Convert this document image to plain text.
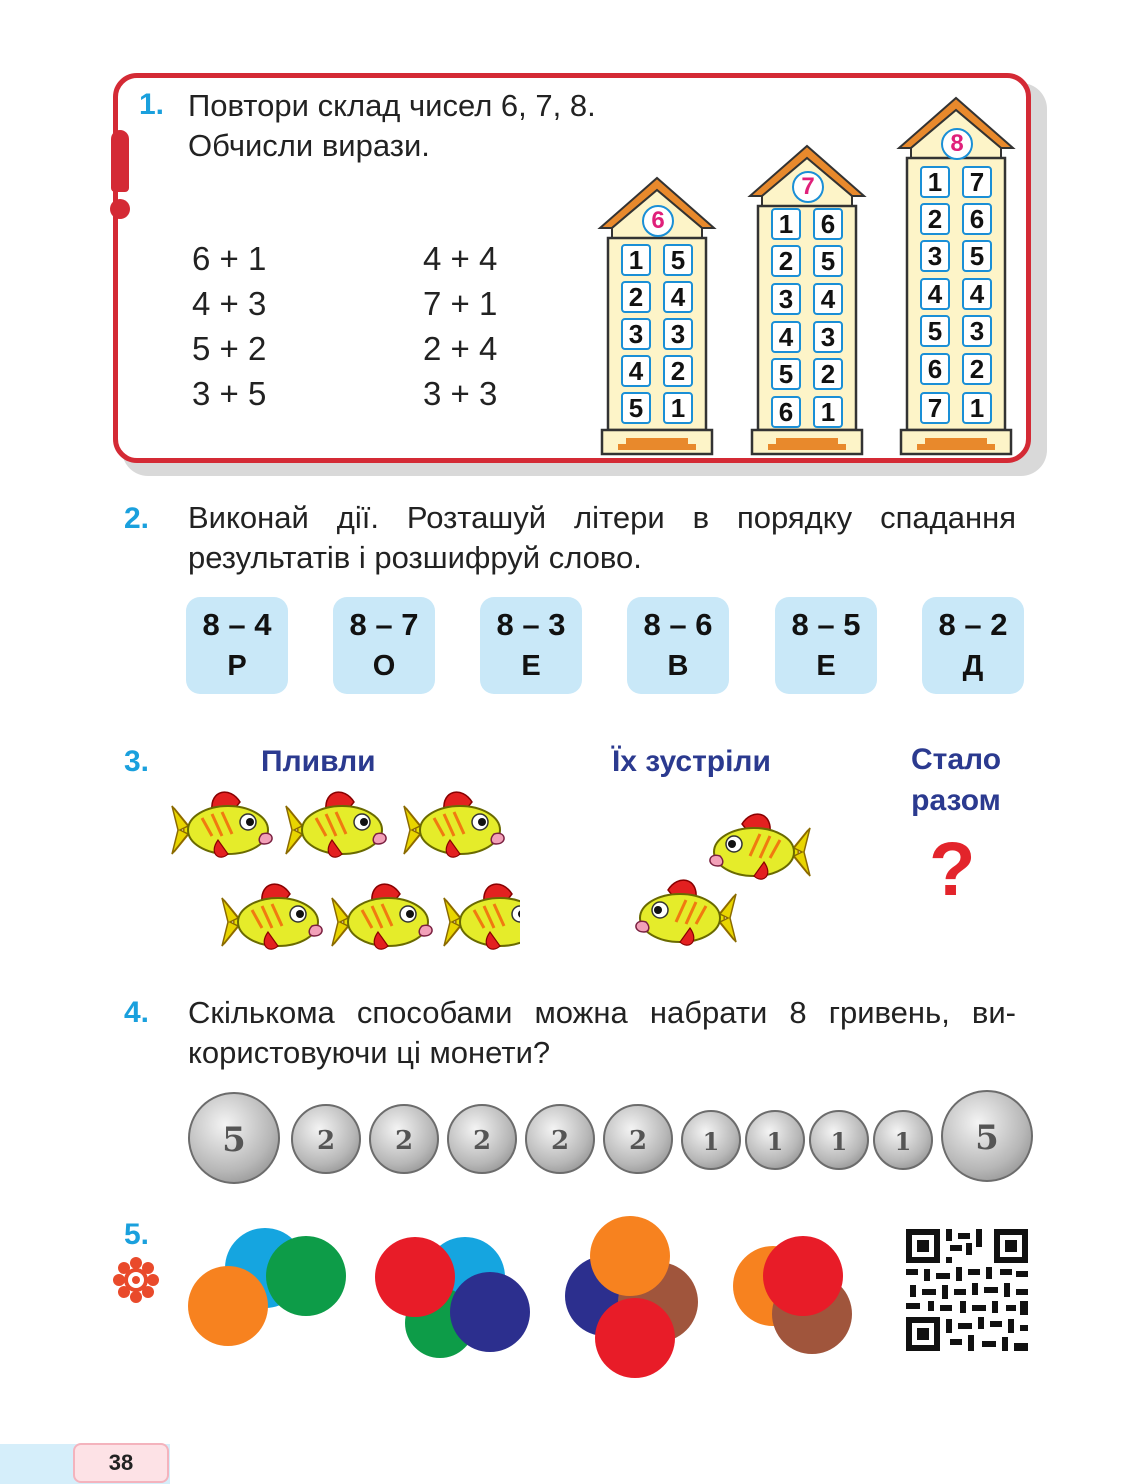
1. Повтори склад чисел 6, 7, 8.
Обчисли вирази.
6 + 1
4 + 3
5 + 2
3 + 5
4 + 4
7 + 1
2 + 4
3 + 3
6
1 5
2 4
3 3
4 2
5 1
7
1 6
2 5
3 4
4 3
5 2
6 1
8
1 7
2 6
3 5
4 4
5 3
6 2
7 1
2. Виконай дії. Розташуй літери в порядку спадання
результатів і розшифруй слово.
8 – 4
Р
8 – 7
О
8 – 3
Е
8 – 6
В
8 – 5
Е
8 – 2
Д
3.	Пливли	Їх зустріли	Стало
разом
?
4. Скількома способами можна набрати 8 гривень, ви-
користовуючи ці монети?
5	2	2	2	2	2	1	1	1	1	5
5.
38
